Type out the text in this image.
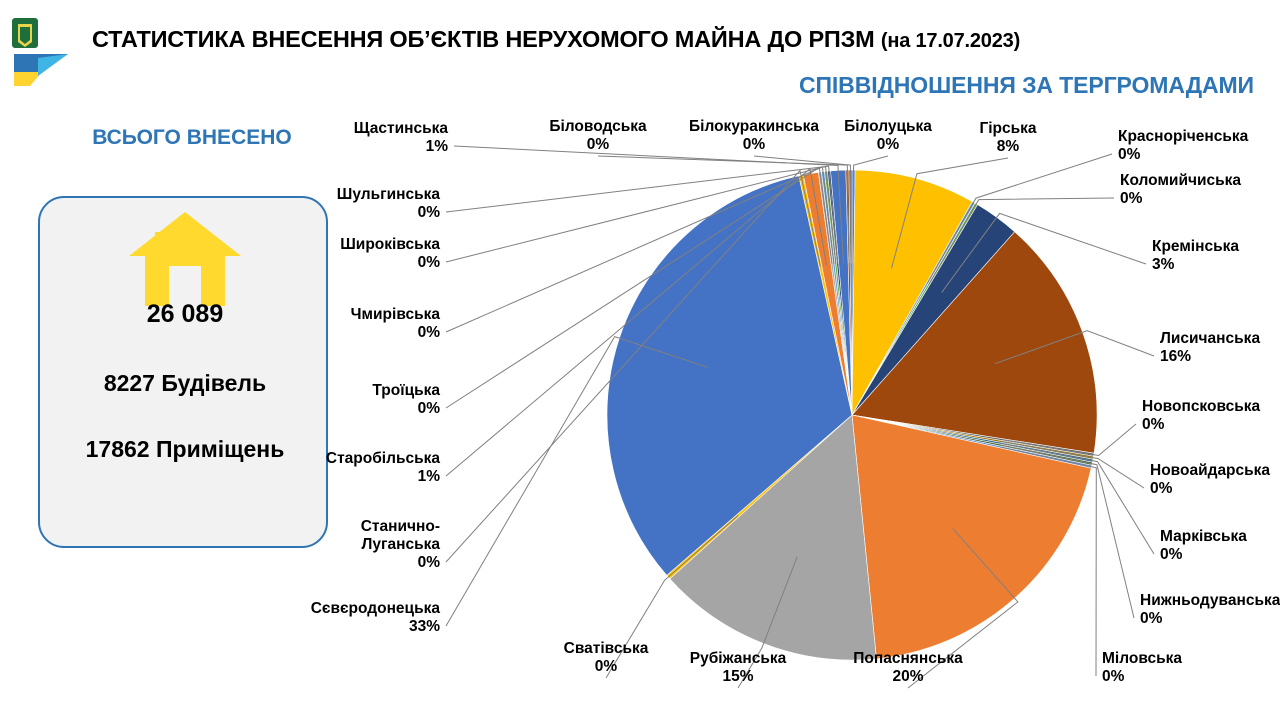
СТАТИСТИКА ВНЕСЕННЯ ОБ’ЄКТІВ НЕРУХОМОГО МАЙНА ДО РПЗМ (на 17.07.2023)
СПІВВІДНОШЕННЯ ЗА ТЕРГРОМАДАМИ
ВСЬОГО ВНЕСЕНО
26 089
8227 Будівель
17862 Приміщень
Білолуцька
0%
Гірська
8%
Красноріченська
0%
Коломийчиська
0%
Кремінська
3%
Лисичанська
16%
Новопсковська
0%
Новоайдарська
0%
Марківська
0%
Нижньодуванська
0%
Міловська
0%
Попаснянська
20%
Рубіжанська
15%
Сватівська
0%
Сєвєродонецька
33%
Станично-Луганська
0%
Старобільська
1%
Троїцька
0%
Чмирівська
0%
Широківська
0%
Шульгинська
0%
Щастинська
1%
Біловодська
0%
Білокуракинська
0%
